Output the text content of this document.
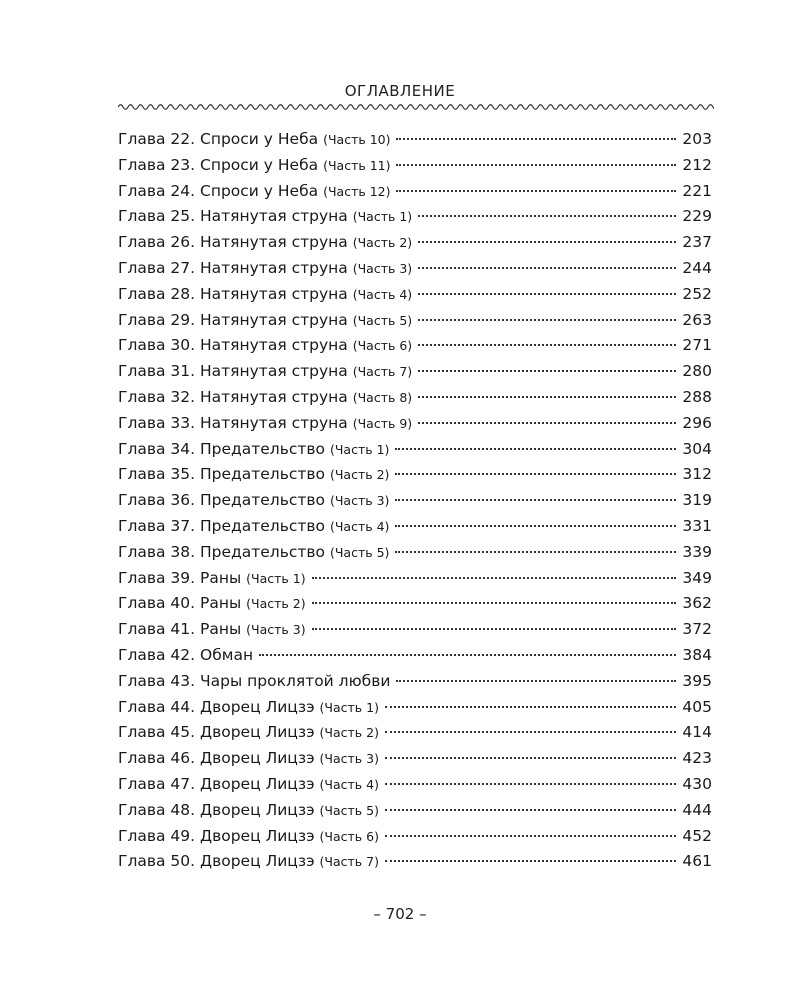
ОГЛАВЛЕНИЕ
Глава 22. Спроси у Неба (Часть 10)	203
Глава 23. Спроси у Неба (Часть 11)	212
Глава 24. Спроси у Неба (Часть 12)	221
Глава 25. Натянутая струна (Часть 1)	229
Глава 26. Натянутая струна (Часть 2)	237
Глава 27. Натянутая струна (Часть 3)	244
Глава 28. Натянутая струна (Часть 4)	252
Глава 29. Натянутая струна (Часть 5)	263
Глава 30. Натянутая струна (Часть 6)	271
Глава 31. Натянутая струна (Часть 7)	280
Глава 32. Натянутая струна (Часть 8)	288
Глава 33. Натянутая струна (Часть 9)	296
Глава 34. Предательство (Часть 1)	304
Глава 35. Предательство (Часть 2)	312
Глава 36. Предательство (Часть 3)	319
Глава 37. Предательство (Часть 4)	331
Глава 38. Предательство (Часть 5)	339
Глава 39. Раны (Часть 1)	349
Глава 40. Раны (Часть 2)	362
Глава 41. Раны (Часть 3)	372
Глава 42. Обман	384
Глава 43. Чары проклятой любви	395
Глава 44. Дворец Лицзэ (Часть 1)	405
Глава 45. Дворец Лицзэ (Часть 2)	414
Глава 46. Дворец Лицзэ (Часть 3)	423
Глава 47. Дворец Лицзэ (Часть 4)	430
Глава 48. Дворец Лицзэ (Часть 5)	444
Глава 49. Дворец Лицзэ (Часть 6)	452
Глава 50. Дворец Лицзэ (Часть 7)	461
– 702 –
